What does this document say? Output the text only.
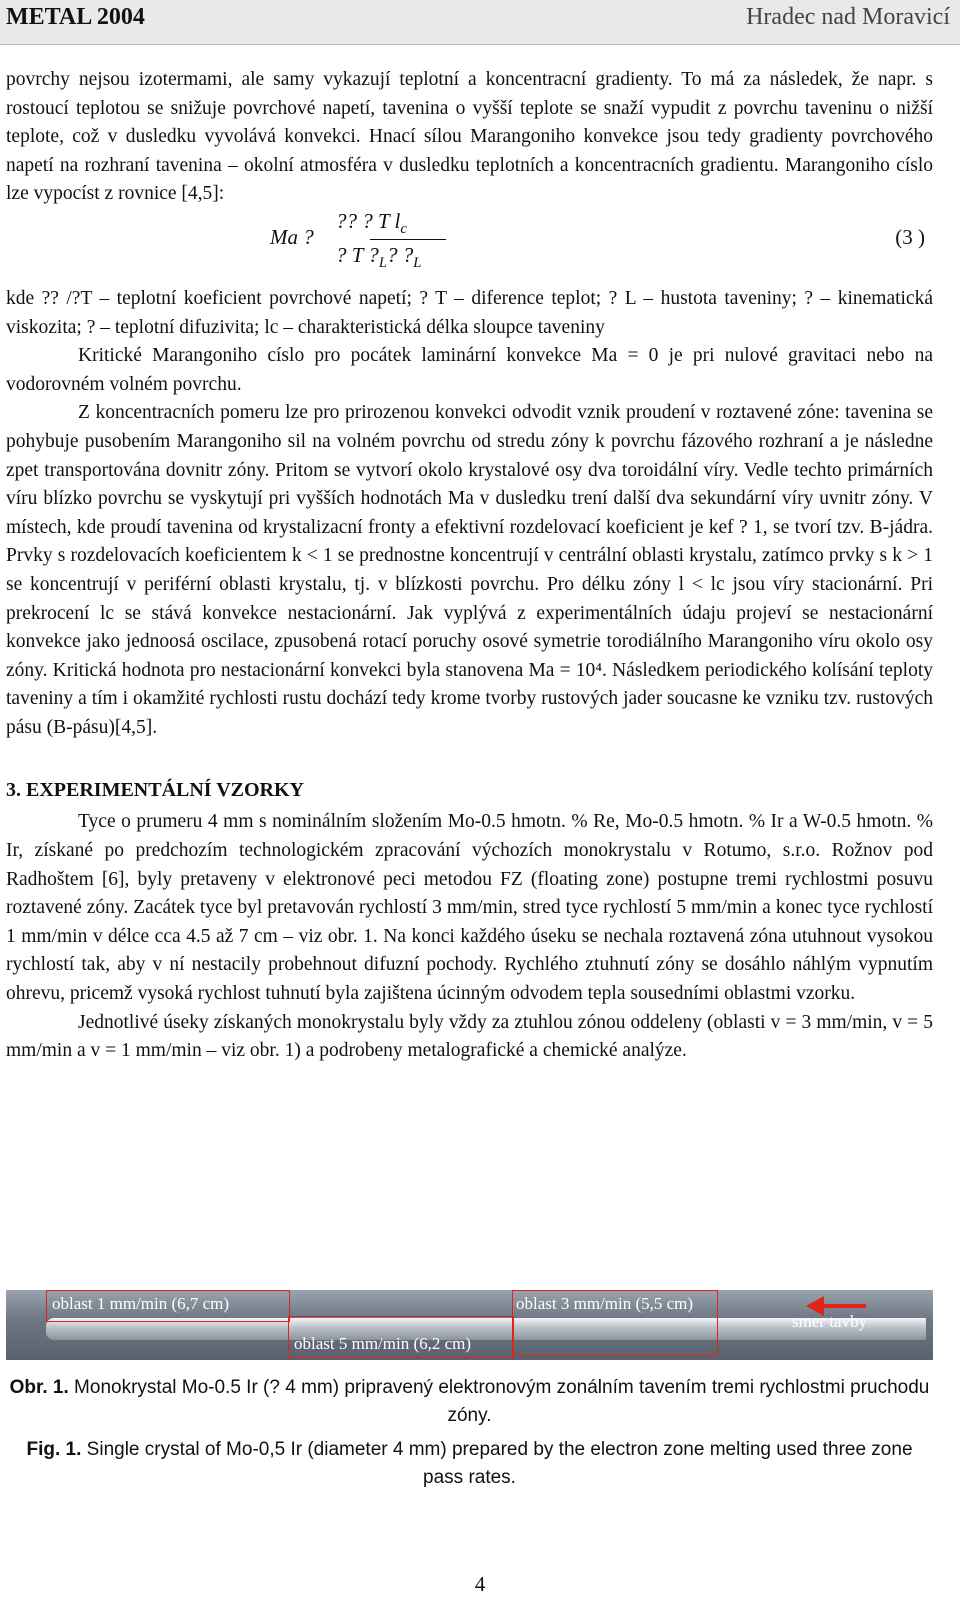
METAL 2004	Hradec nad Moravicí

povrchy nejsou izotermami, ale samy vykazují teplotní a koncentracní gradienty. To má za následek, že napr. s rostoucí teplotou se snižuje povrchové napetí, tavenina o vyšší teplote se snaží vypudit z povrchu taveninu o nižší teplote, což v dusledku vyvolává konvekci. Hnací sílou Marangoniho konvekce jsou tedy gradienty povrchového napetí na rozhraní tavenina – okolní atmosféra v dusledku teplotních a koncentracních gradientu. Marangoniho císlo lze vypocíst z rovnice [4,5]:

Ma ?
?? ? T $l_c$
? T $?_L$? $?_L$
(3 )

kde ?? /?T – teplotní koeficient povrchové napetí; ? T – diference teplot; ? L – hustota taveniny; ? – kinematická viskozita; ? – teplotní difuzivita; lc – charakteristická délka sloupce taveniny

Kritické Marangoniho císlo pro pocátek laminární konvekce Ma = 0 je pri nulové gravitaci nebo na vodorovném volném povrchu.

Z koncentracních pomeru lze pro prirozenou konvekci odvodit vznik proudení v roztavené zóne: tavenina se pohybuje pusobením Marangoniho sil na volném povrchu od stredu zóny k povrchu fázového rozhraní a je následne zpet transportována dovnitr zóny. Pritom se vytvorí okolo krystalové osy dva toroidální víry. Vedle techto primárních víru blízko povrchu se vyskytují pri vyšších hodnotách Ma v dusledku trení další dva sekundární víry uvnitr zóny. V místech, kde proudí tavenina od krystalizacní fronty a efektivní rozdelovací koeficient je kef ? 1, se tvorí tzv. B-jádra. Prvky s rozdelovacích koeficientem k < 1 se prednostne koncentrují v centrální oblasti krystalu, zatímco prvky s k > 1 se koncentrují v periférní oblasti krystalu, tj. v blízkosti povrchu. Pro délku zóny l < lc jsou víry stacionární. Pri prekrocení lc se stává konvekce nestacionární. Jak vyplývá z experimentálních údaju projeví se nestacionární konvekce jako jednoosá oscilace, zpusobená rotací poruchy osové symetrie torodiálního Marangoniho víru okolo osy zóny. Kritická hodnota pro nestacionární konvekci byla stanovena Ma = 10⁴. Následkem periodického kolísání teploty taveniny a tím i okamžité rychlosti rustu dochází tedy krome tvorby rustových jader soucasne ke vzniku tzv. rustových pásu (B-pásu)[4,5].

3. EXPERIMENTÁLNÍ VZORKY

Tyce o prumeru 4 mm s nominálním složením Mo-0.5 hmotn. % Re, Mo-0.5 hmotn. % Ir a W-0.5 hmotn. % Ir, získané po predchozím technologickém zpracování výchozích monokrystalu v Rotumo, s.r.o. Rožnov pod Radhoštem [6], byly pretaveny v elektronové peci metodou FZ (floating zone) postupne tremi rychlostmi posuvu roztavené zóny. Zacátek tyce byl pretavován rychlostí 3 mm/min, stred tyce rychlostí 5 mm/min a konec tyce rychlostí 1 mm/min v délce cca 4.5 až 7 cm – viz obr. 1. Na konci každého úseku se nechala roztavená zóna utuhnout vysokou rychlostí tak, aby v ní nestacily probehnout difuzní pochody. Rychlého ztuhnutí zóny se dosáhlo náhlým vypnutím ohrevu, pricemž vysoká rychlost tuhnutí byla zajištena úcinným odvodem tepla sousedními oblastmi vzorku.

Jednotlivé úseky získaných monokrystalu byly vždy za ztuhlou zónou oddeleny (oblasti v = 3 mm/min, v = 5 mm/min a v = 1 mm/min – viz obr. 1) a podrobeny metalografické a chemické analýze.

oblast 1 mm/min (6,7 cm)
oblast 5 mm/min (6,2 cm)
oblast 3 mm/min (5,5 cm)
smer tavby
Obr. 1. Monokrystal Mo-0.5 Ir (? 4 mm) pripravený elektronovým zonálním tavením tremi rychlostmi pruchodu zóny.
Fig. 1. Single crystal of Mo-0,5 Ir (diameter 4 mm) prepared by the electron zone melting used three zone pass rates.
4
